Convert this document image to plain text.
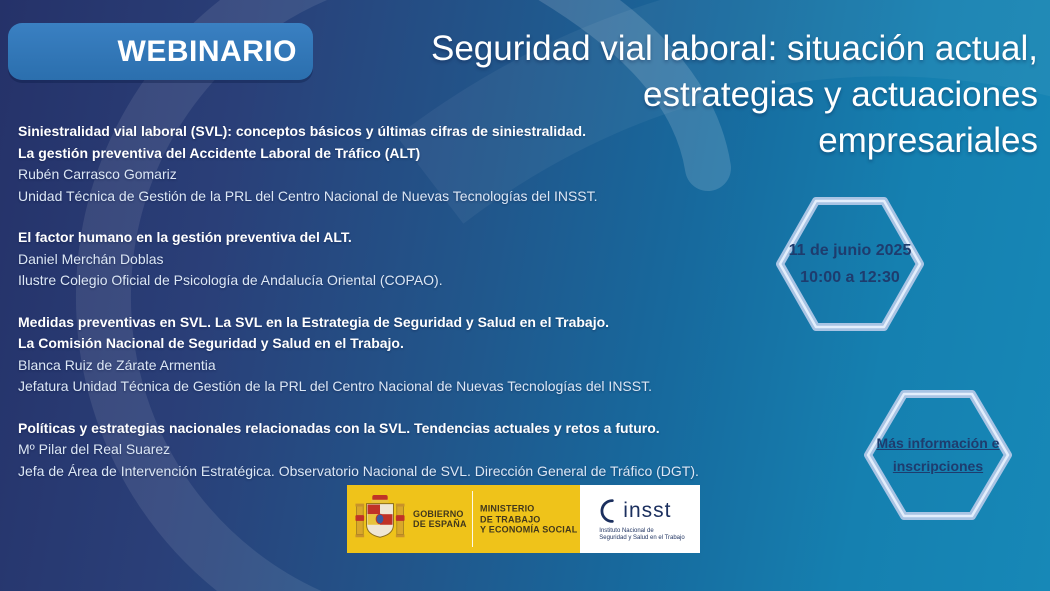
WEBINARIO	Seguridad vial laboral: situación actual,
estrategias y actuaciones
empresariales
Siniestralidad vial laboral (SVL): conceptos básicos y últimas cifras de siniestralidad.
La gestión preventiva del Accidente Laboral de Tráfico (ALT)
Rubén Carrasco Gomariz
Unidad Técnica de Gestión de la PRL del Centro Nacional de Nuevas Tecnologías del INSST.
El factor humano en la gestión preventiva del ALT.
Daniel Merchán Doblas
Ilustre Colegio Oficial de Psicología de Andalucía Oriental (COPAO).
Medidas preventivas en SVL. La SVL en la Estrategia de Seguridad y Salud en el Trabajo.
La Comisión Nacional de Seguridad y Salud en el Trabajo.
Blanca Ruiz de Zárate Armentia
Jefatura Unidad Técnica de Gestión de la PRL del Centro Nacional de Nuevas Tecnologías del INSST.
Políticas y estrategias nacionales relacionadas con la SVL. Tendencias actuales y retos a futuro.
Mº Pilar del Real Suarez
Jefa de Área de Intervención Estratégica. Observatorio Nacional de SVL. Dirección General de Tráfico (DGT).
11 de junio 2025
10:00 a 12:30
Más información e
inscripciones
GOBIERNO
DE ESPAÑA
MINISTERIO
DE TRABAJO
Y ECONOMÍA SOCIAL
insst
Instituto Nacional de
Seguridad y Salud en el Trabajo
